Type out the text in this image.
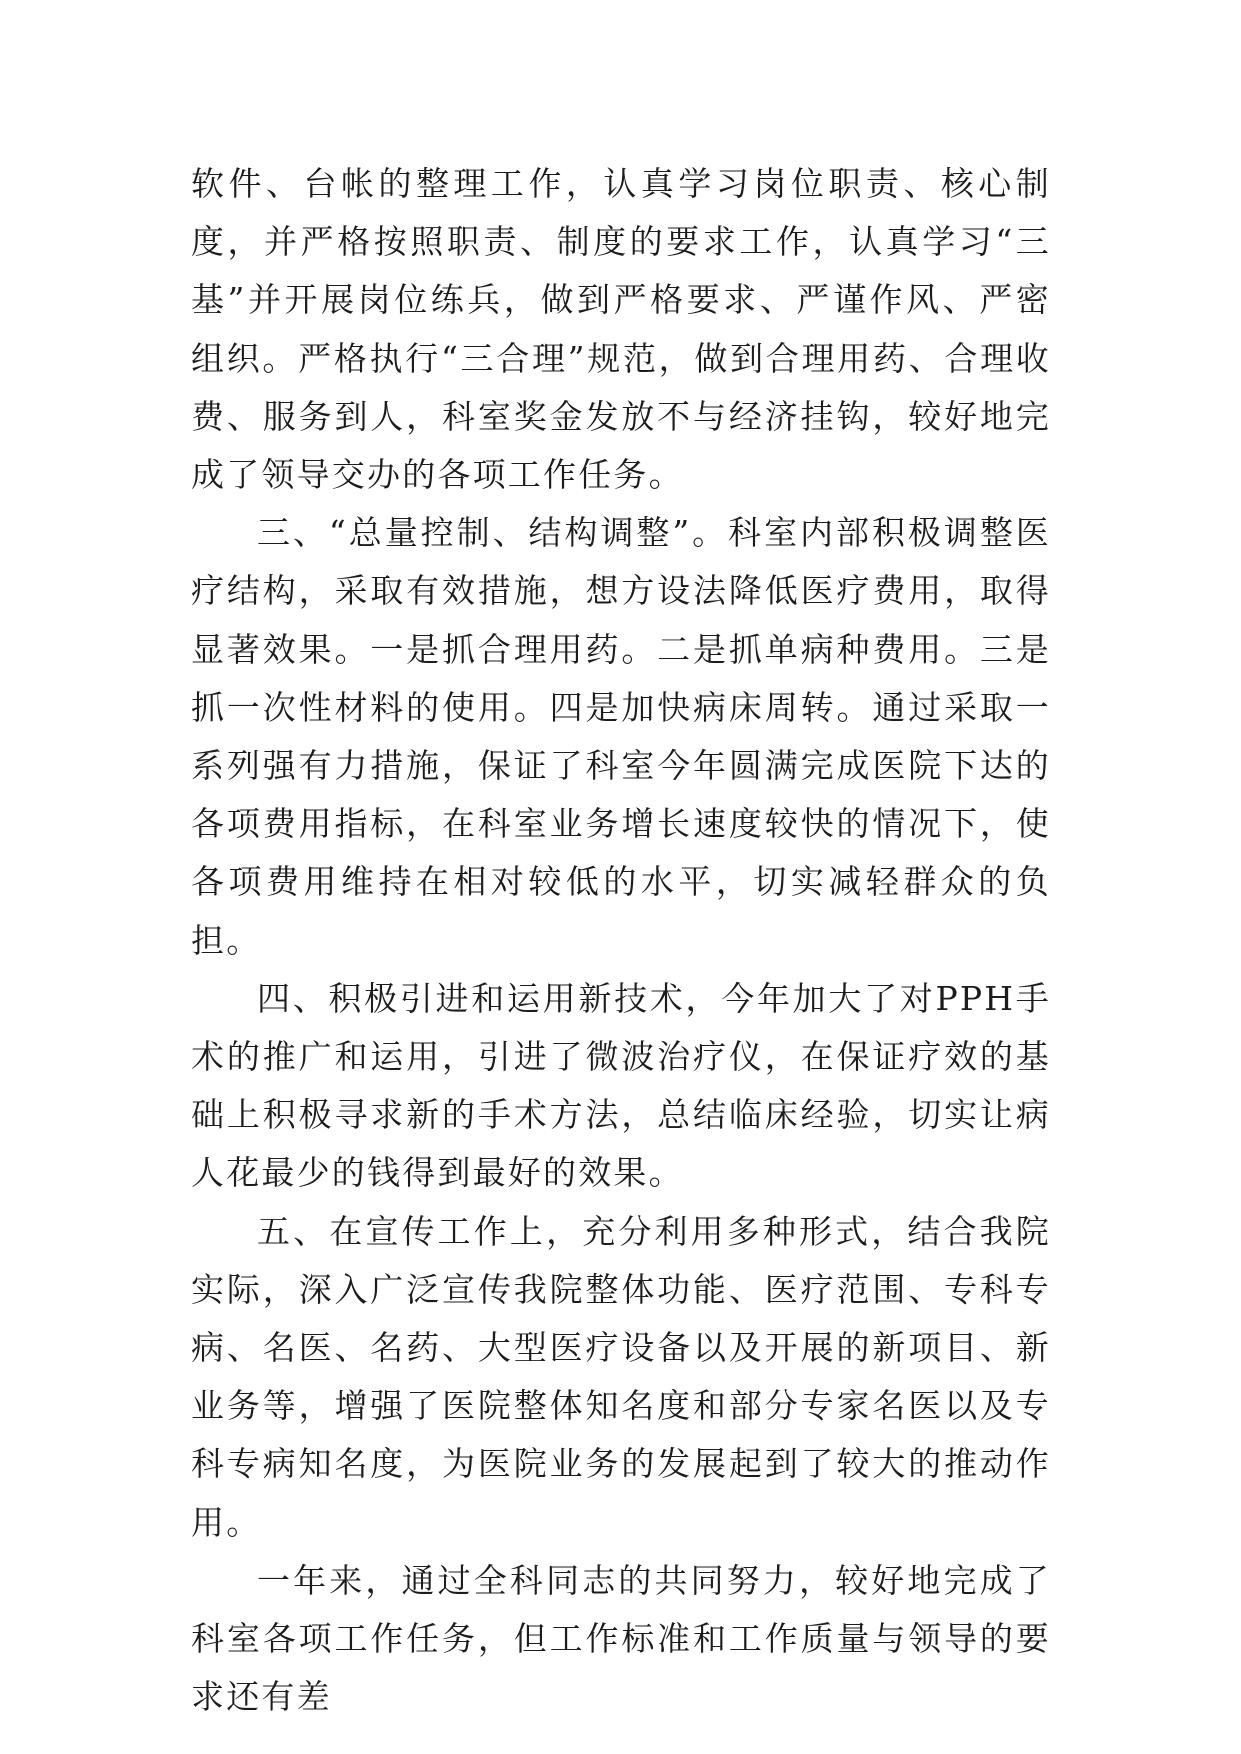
软件、台帐的整理工作，认真学习岗位职责、核心制度，并严格按照职责、制度的要求工作，认真学习“三基”并开展岗位练兵，做到严格要求、严谨作风、严密组织。严格执行“三合理”规范，做到合理用药、合理收费、服务到人，科室奖金发放不与经济挂钩，较好地完成了领导交办的各项工作任务。

三、“总量控制、结构调整”。科室内部积极调整医疗结构，采取有效措施，想方设法降低医疗费用，取得显著效果。一是抓合理用药。二是抓单病种费用。三是抓一次性材料的使用。四是加快病床周转。通过采取一系列强有力措施，保证了科室今年圆满完成医院下达的各项费用指标，在科室业务增长速度较快的情况下，使各项费用维持在相对较低的水平，切实减轻群众的负担。

四、积极引进和运用新技术，今年加大了对PPH手术的推广和运用，引进了微波治疗仪，在保证疗效的基础上积极寻求新的手术方法，总结临床经验，切实让病人花最少的钱得到最好的效果。

五、在宣传工作上，充分利用多种形式，结合我院实际，深入广泛宣传我院整体功能、医疗范围、专科专病、名医、名药、大型医疗设备以及开展的新项目、新业务等，增强了医院整体知名度和部分专家名医以及专科专病知名度，为医院业务的发展起到了较大的推动作用。

一年来，通过全科同志的共同努力，较好地完成了科室各项工作任务，但工作标准和工作质量与领导的要求还有差
